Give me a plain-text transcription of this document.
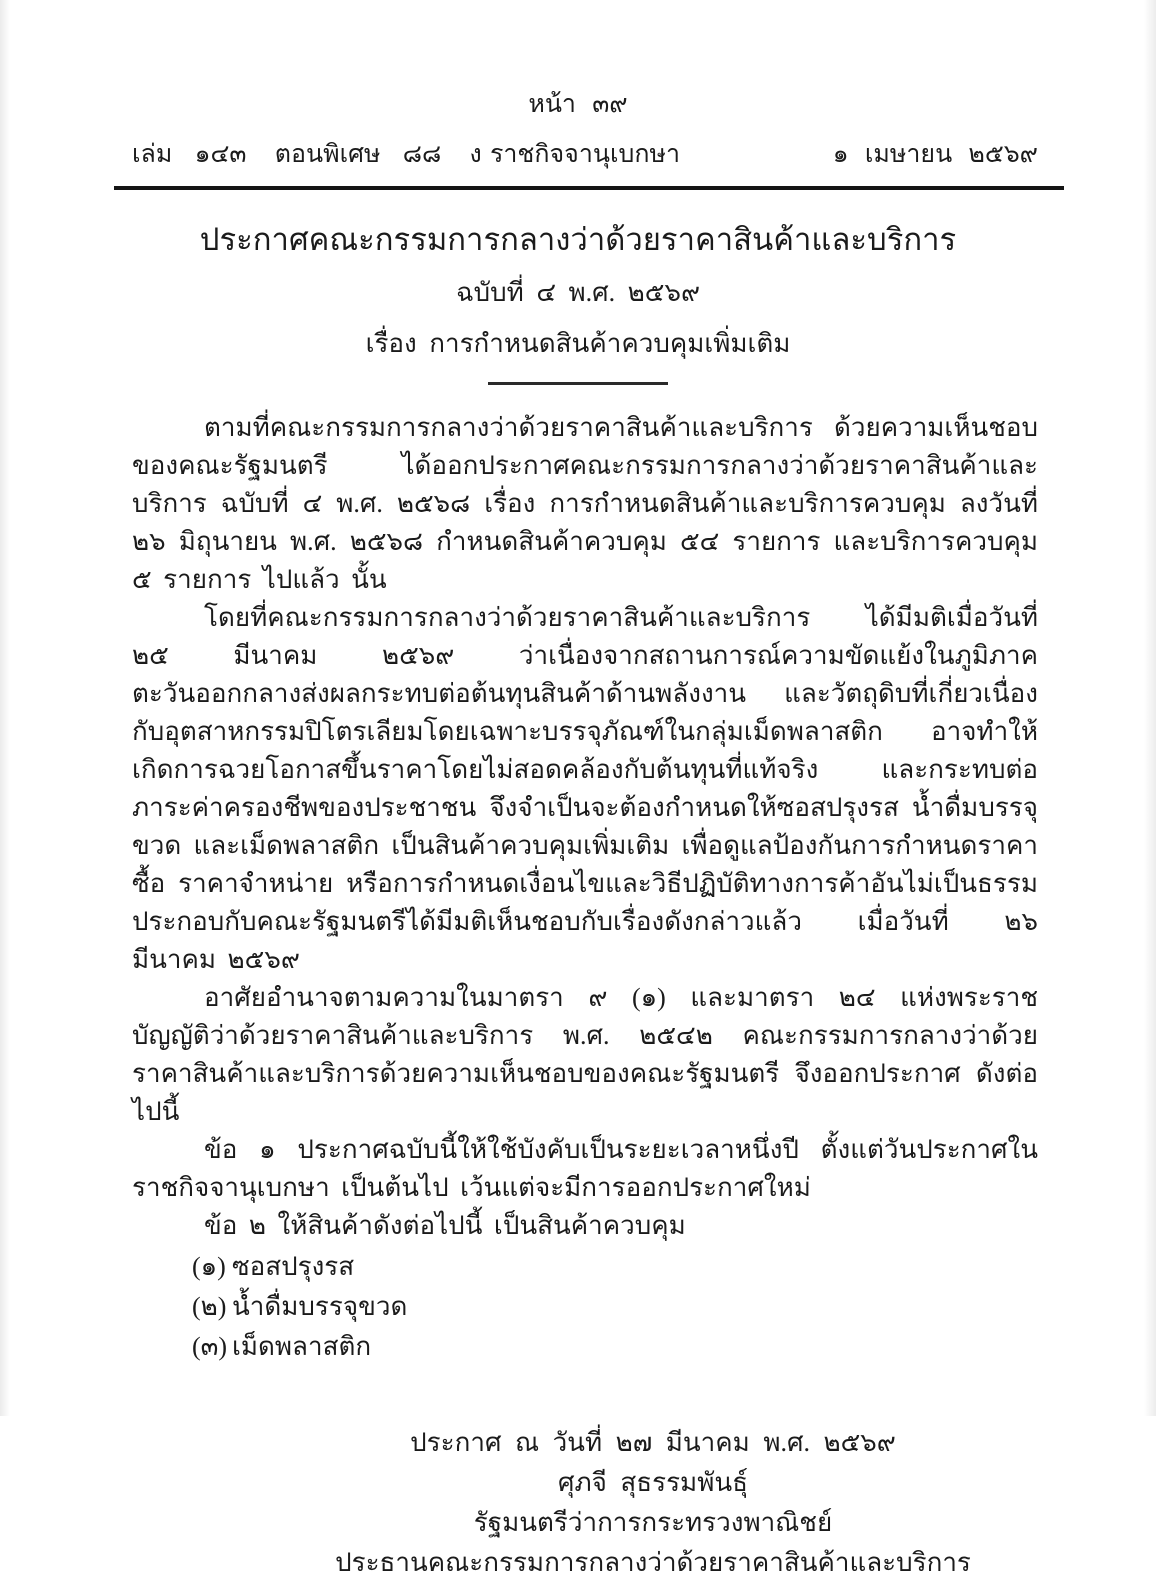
หน้า ๓๙
เล่ม ๑๔๓ ตอนพิเศษ ๘๘ ง ราชกิจจานุเบกษา	๑ เมษายน ๒๕๖๙
ประกาศคณะกรรมการกลางว่าด้วยราคาสินค้าและบริการ
ฉบับที่ ๔ พ.ศ. ๒๕๖๙
เรื่อง การกำหนดสินค้าควบคุมเพิ่มเติม

ตามที่คณะกรรมการกลางว่าด้วยราคาสินค้าและบริการ ด้วยความเห็นชอบของคณะรัฐมนตรี ได้ออกประกาศคณะกรรมการกลางว่าด้วยราคาสินค้าและบริการ ฉบับที่ ๔ พ.ศ. ๒๕๖๘ เรื่อง การกำหนดสินค้าและบริการควบคุม ลงวันที่ ๒๖ มิถุนายน พ.ศ. ๒๕๖๘ กำหนดสินค้าควบคุม ๕๔ รายการ และบริการควบคุม ๕ รายการ ไปแล้ว นั้น

โดยที่คณะกรรมการกลางว่าด้วยราคาสินค้าและบริการ ได้มีมติเมื่อวันที่ ๒๕ มีนาคม ๒๕๖๙ ว่าเนื่องจากสถานการณ์ความขัดแย้งในภูมิภาคตะวันออกกลางส่งผลกระทบต่อต้นทุนสินค้าด้านพลังงาน และวัตถุดิบที่เกี่ยวเนื่องกับอุตสาหกรรมปิโตรเลียมโดยเฉพาะบรรจุภัณฑ์ในกลุ่มเม็ดพลาสติก อาจทำให้เกิดการฉวยโอกาสขึ้นราคาโดยไม่สอดคล้องกับต้นทุนที่แท้จริง และกระทบต่อภาระค่าครองชีพของประชาชน จึงจำเป็นจะต้องกำหนดให้ซอสปรุงรส น้ำดื่มบรรจุขวด และเม็ดพลาสติก เป็นสินค้าควบคุมเพิ่มเติม เพื่อดูแลป้องกันการกำหนดราคาซื้อ ราคาจำหน่าย หรือการกำหนดเงื่อนไขและวิธีปฏิบัติทางการค้าอันไม่เป็นธรรม ประกอบกับคณะรัฐมนตรีได้มีมติเห็นชอบกับเรื่องดังกล่าวแล้ว เมื่อวันที่ ๒๖ มีนาคม ๒๕๖๙

อาศัยอำนาจตามความในมาตรา ๙ (๑) และมาตรา ๒๔ แห่งพระราชบัญญัติว่าด้วยราคาสินค้าและบริการ พ.ศ. ๒๕๔๒ คณะกรรมการกลางว่าด้วยราคาสินค้าและบริการด้วยความเห็นชอบของคณะรัฐมนตรี จึงออกประกาศ ดังต่อไปนี้

ข้อ ๑ ประกาศฉบับนี้ให้ใช้บังคับเป็นระยะเวลาหนึ่งปี ตั้งแต่วันประกาศในราชกิจจานุเบกษา เป็นต้นไป เว้นแต่จะมีการออกประกาศใหม่

ข้อ ๒ ให้สินค้าดังต่อไปนี้ เป็นสินค้าควบคุม

(๑) ซอสปรุงรส
(๒) น้ำดื่มบรรจุขวด
(๓) เม็ดพลาสติก
ประกาศ ณ วันที่ ๒๗ มีนาคม พ.ศ. ๒๕๖๙
ศุภจี สุธรรมพันธุ์
รัฐมนตรีว่าการกระทรวงพาณิชย์
ประธานคณะกรรมการกลางว่าด้วยราคาสินค้าและบริการ
